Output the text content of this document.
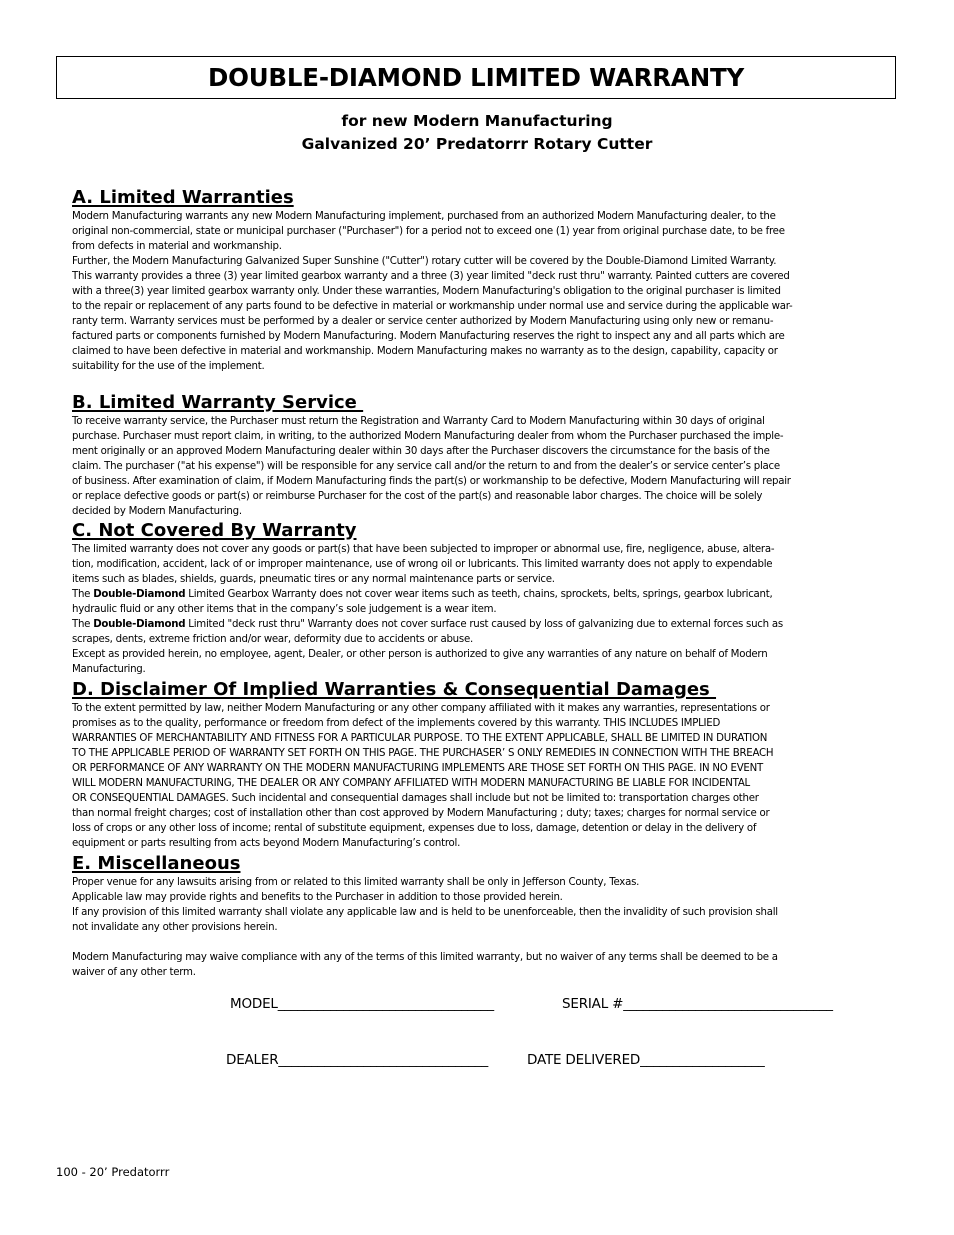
DOUBLE-DIAMOND LIMITED WARRANTY
for new Modern Manufacturing
Galvanized 20’ Predatorrr Rotary Cutter
A. Limited Warranties
Modern Manufacturing warrants any new Modern Manufacturing implement, purchased from an authorized Modern Manufacturing dealer, to the
original non-commercial, state or municipal purchaser ("Purchaser") for a period not to exceed one (1) year from original purchase date, to be free
from defects in material and workmanship.
Further, the Modern Manufacturing Galvanized Super Sunshine ("Cutter") rotary cutter will be covered by the Double-Diamond Limited Warranty.
This warranty provides a three (3) year limited gearbox warranty and a three (3) year limited "deck rust thru" warranty. Painted cutters are covered
with a three(3) year limited gearbox warranty only. Under these warranties, Modern Manufacturing's obligation to the original purchaser is limited
to the repair or replacement of any parts found to be defective in material or workmanship under normal use and service during the applicable war-
ranty term. Warranty services must be performed by a dealer or service center authorized by Modern Manufacturing using only new or remanu-
factured parts or components furnished by Modern Manufacturing. Modern Manufacturing reserves the right to inspect any and all parts which are
claimed to have been defective in material and workmanship. Modern Manufacturing makes no warranty as to the design, capability, capacity or
suitability for the use of the implement.
B. Limited Warranty Service
To receive warranty service, the Purchaser must return the Registration and Warranty Card to Modern Manufacturing within 30 days of original
purchase. Purchaser must report claim, in writing, to the authorized Modern Manufacturing dealer from whom the Purchaser purchased the imple-
ment originally or an approved Modern Manufacturing dealer within 30 days after the Purchaser discovers the circumstance for the basis of the
claim. The purchaser ("at his expense") will be responsible for any service call and/or the return to and from the dealer’s or service center’s place
of business. After examination of claim, if Modern Manufacturing finds the part(s) or workmanship to be defective, Modern Manufacturing will repair
or replace defective goods or part(s) or reimburse Purchaser for the cost of the part(s) and reasonable labor charges. The choice will be solely
decided by Modern Manufacturing.
C. Not Covered By Warranty
The limited warranty does not cover any goods or part(s) that have been subjected to improper or abnormal use, fire, negligence, abuse, altera-
tion, modification, accident, lack of or improper maintenance, use of wrong oil or lubricants. This limited warranty does not apply to expendable
items such as blades, shields, guards, pneumatic tires or any normal maintenance parts or service.
The Double-Diamond Limited Gearbox Warranty does not cover wear items such as teeth, chains, sprockets, belts, springs, gearbox lubricant,
hydraulic fluid or any other items that in the company’s sole judgement is a wear item.
The Double-Diamond Limited "deck rust thru" Warranty does not cover surface rust caused by loss of galvanizing due to external forces such as
scrapes, dents, extreme friction and/or wear, deformity due to accidents or abuse.
Except as provided herein, no employee, agent, Dealer, or other person is authorized to give any warranties of any nature on behalf of Modern
Manufacturing.
D. Disclaimer Of Implied Warranties & Consequential Damages
To the extent permitted by law, neither Modern Manufacturing or any other company affiliated with it makes any warranties, representations or
promises as to the quality, performance or freedom from defect of the implements covered by this warranty. THIS INCLUDES IMPLIED
WARRANTIES OF MERCHANTABILITY AND FITNESS FOR A PARTICULAR PURPOSE. TO THE EXTENT APPLICABLE, SHALL BE LIMITED IN DURATION
TO THE APPLICABLE PERIOD OF WARRANTY SET FORTH ON THIS PAGE. THE PURCHASER’ S ONLY REMEDIES IN CONNECTION WITH THE BREACH
OR PERFORMANCE OF ANY WARRANTY ON THE MODERN MANUFACTURING IMPLEMENTS ARE THOSE SET FORTH ON THIS PAGE. IN NO EVENT
WILL MODERN MANUFACTURING, THE DEALER OR ANY COMPANY AFFILIATED WITH MODERN MANUFACTURING BE LIABLE FOR INCIDENTAL
OR CONSEQUENTIAL DAMAGES. Such incidental and consequential damages shall include but not be limited to: transportation charges other
than normal freight charges; cost of installation other than cost approved by Modern Manufacturing ; duty; taxes; charges for normal service or
loss of crops or any other loss of income; rental of substitute equipment, expenses due to loss, damage, detention or delay in the delivery of
equipment or parts resulting from acts beyond Modern Manufacturing’s control.
E. Miscellaneous
Proper venue for any lawsuits arising from or related to this limited warranty shall be only in Jefferson County, Texas.
Applicable law may provide rights and benefits to the Purchaser in addition to those provided herein.
If any provision of this limited warranty shall violate any applicable law and is held to be unenforceable, then the invalidity of such provision shall
not invalidate any other provisions herein.
Modern Manufacturing may waive compliance with any of the terms of this limited warranty, but no waiver of any terms shall be deemed to be a
waiver of any other term.
MODEL_________________________________	SERIAL #________________________________
DEALER________________________________	DATE DELIVERED___________________
100 - 20’ Predatorrr
